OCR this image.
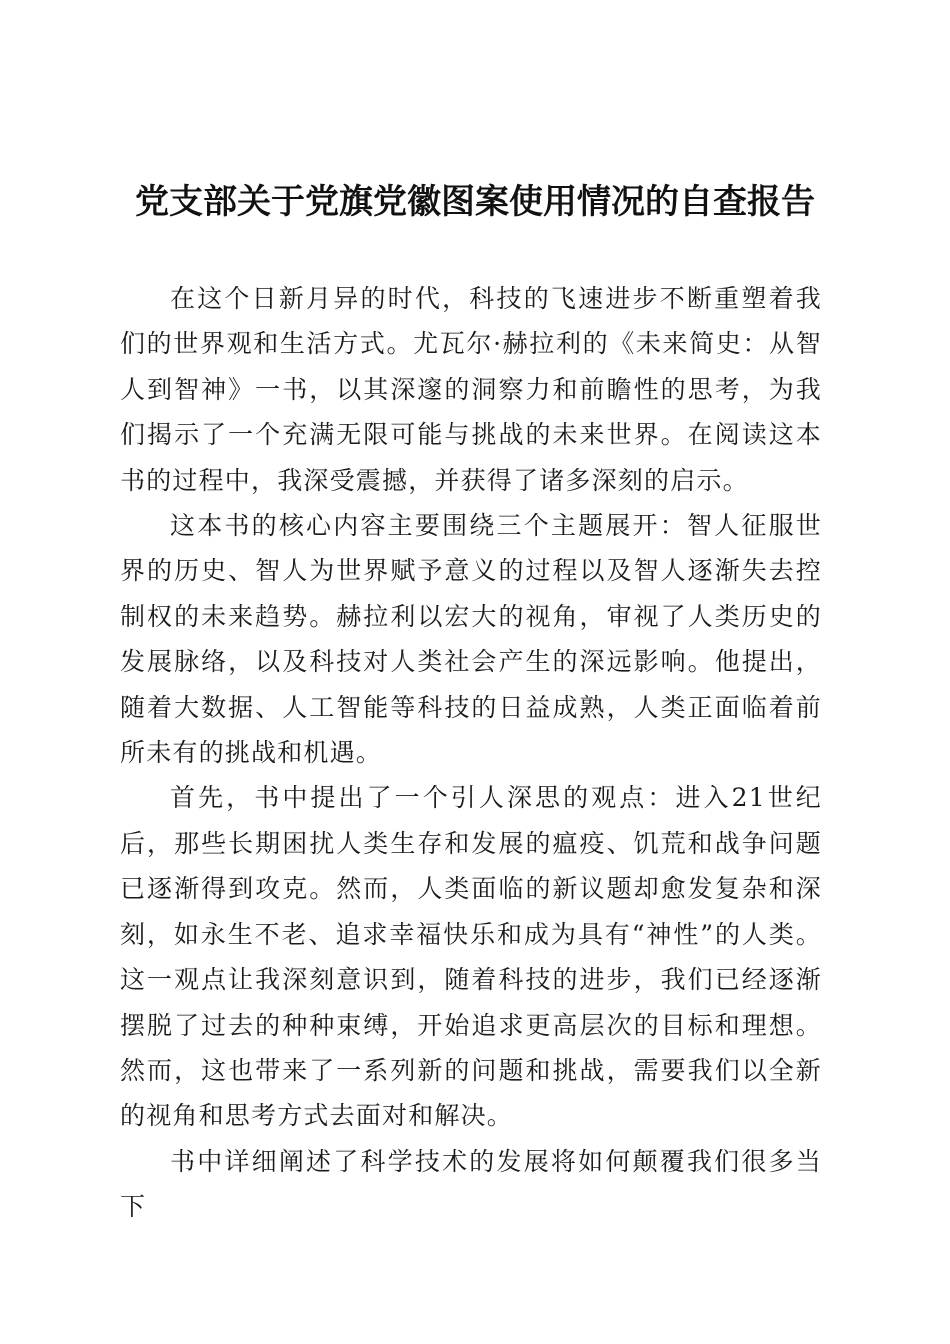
党支部关于党旗党徽图案使用情况的自查报告

在这个日新月异的时代，科技的飞速进步不断重塑着我们的世界观和生活方式。尤瓦尔·赫拉利的《未来简史：从智人到智神》一书，以其深邃的洞察力和前瞻性的思考，为我们揭示了一个充满无限可能与挑战的未来世界。在阅读这本书的过程中，我深受震撼，并获得了诸多深刻的启示。

这本书的核心内容主要围绕三个主题展开：智人征服世界的历史、智人为世界赋予意义的过程以及智人逐渐失去控制权的未来趋势。赫拉利以宏大的视角，审视了人类历史的发展脉络，以及科技对人类社会产生的深远影响。他提出，随着大数据、人工智能等科技的日益成熟，人类正面临着前所未有的挑战和机遇。

首先，书中提出了一个引人深思的观点：进入21世纪后，那些长期困扰人类生存和发展的瘟疫、饥荒和战争问题已逐渐得到攻克。然而，人类面临的新议题却愈发复杂和深刻，如永生不老、追求幸福快乐和成为具有“神性”的人类。这一观点让我深刻意识到，随着科技的进步，我们已经逐渐摆脱了过去的种种束缚，开始追求更高层次的目标和理想。然而，这也带来了一系列新的问题和挑战，需要我们以全新的视角和思考方式去面对和解决。

书中详细阐述了科学技术的发展将如何颠覆我们很多当下
